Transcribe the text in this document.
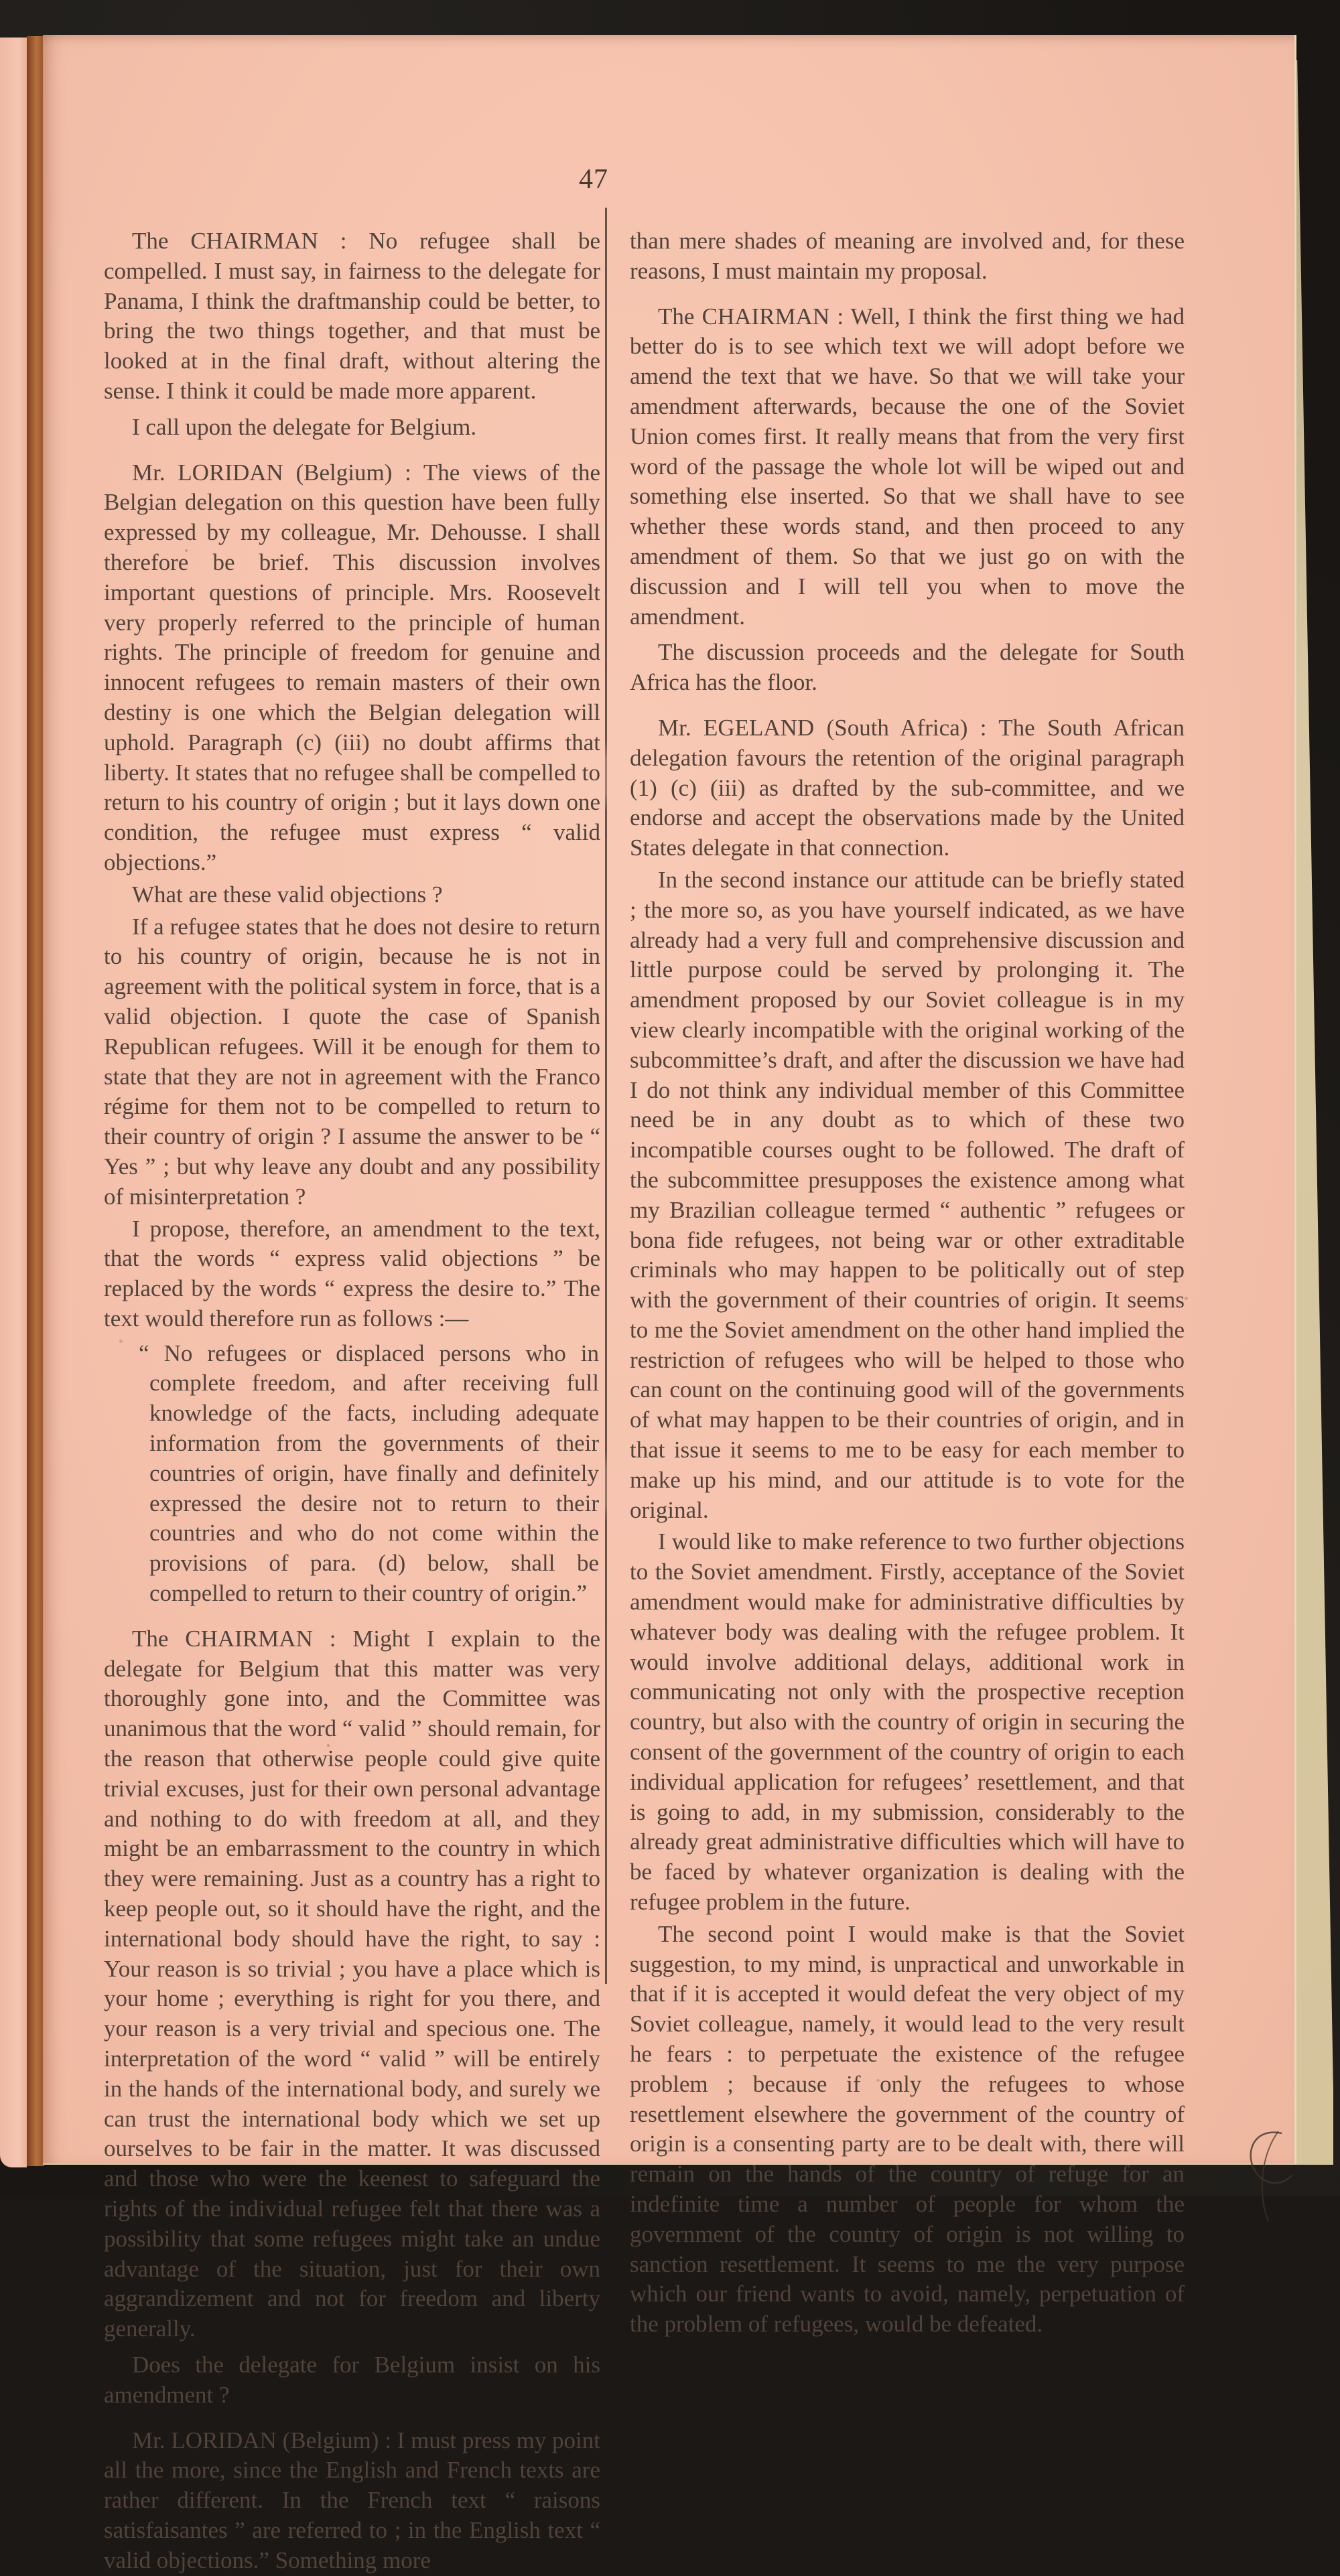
47

The CHAIRMAN : No refugee shall be compelled. I must say, in fairness to the delegate for Panama, I think the draftmanship could be better, to bring the two things together, and that must be looked at in the final draft, without altering the sense. I think it could be made more apparent.

I call upon the delegate for Belgium.

Mr. LORIDAN (Belgium) : The views of the Belgian delegation on this question have been fully expressed by my colleague, Mr. Dehousse. I shall therefore be brief. This discussion involves important questions of principle. Mrs. Roosevelt very properly referred to the principle of human rights. The principle of freedom for genuine and innocent refugees to remain masters of their own destiny is one which the Belgian delegation will uphold. Paragraph (c) (iii) no doubt affirms that liberty. It states that no refugee shall be compelled to return to his country of origin ; but it lays down one condition, the refugee must express “ valid objections.”

What are these valid objections ?

If a refugee states that he does not desire to return to his country of origin, because he is not in agreement with the political system in force, that is a valid objection. I quote the case of Spanish Republican refugees. Will it be enough for them to state that they are not in agreement with the Franco régime for them not to be compelled to return to their country of origin ? I assume the answer to be “ Yes ” ; but why leave any doubt and any possibility of misinterpretation ?

I propose, therefore, an amendment to the text, that the words “ express valid objections ” be replaced by the words “ express the desire to.” The text would therefore run as follows :—

“ No refugees or displaced persons who in complete freedom, and after receiving full knowledge of the facts, including adequate information from the governments of their countries of origin, have finally and definitely expressed the desire not to return to their countries and who do not come within the provisions of para. (d) below, shall be compelled to return to their country of origin.”

The CHAIRMAN : Might I explain to the delegate for Belgium that this matter was very thoroughly gone into, and the Committee was unanimous that the word “ valid ” should remain, for the reason that otherwise people could give quite trivial excuses, just for their own personal advantage and nothing to do with freedom at all, and they might be an embarrassment to the country in which they were remaining. Just as a country has a right to keep people out, so it should have the right, and the international body should have the right, to say : Your reason is so trivial ; you have a place which is your home ; everything is right for you there, and your reason is a very trivial and specious one. The interpretation of the word “ valid ” will be entirely in the hands of the international body, and surely we can trust the international body which we set up ourselves to be fair in the matter. It was discussed and those who were the keenest to safeguard the rights of the individual refugee felt that there was a possibility that some refugees might take an undue advantage of the situation, just for their own aggrandizement and not for freedom and liberty generally.

Does the delegate for Belgium insist on his amendment ?

Mr. LORIDAN (Belgium) : I must press my point all the more, since the English and French texts are rather different. In the French text “ raisons satisfaisantes ” are referred to ; in the English text “ valid objections.” Something more

than mere shades of meaning are involved and, for these reasons, I must maintain my proposal.

The CHAIRMAN : Well, I think the first thing we had better do is to see which text we will adopt before we amend the text that we have. So that we will take your amendment afterwards, because the one of the Soviet Union comes first. It really means that from the very first word of the passage the whole lot will be wiped out and something else inserted. So that we shall have to see whether these words stand, and then proceed to any amendment of them. So that we just go on with the discussion and I will tell you when to move the amendment.

The discussion proceeds and the delegate for South Africa has the floor.

Mr. EGELAND (South Africa) : The South African delegation favours the retention of the original paragraph (1) (c) (iii) as drafted by the sub-committee, and we endorse and accept the observations made by the United States delegate in that connection.

In the second instance our attitude can be briefly stated ; the more so, as you have yourself indicated, as we have already had a very full and comprehensive discussion and little purpose could be served by prolonging it. The amendment proposed by our Soviet colleague is in my view clearly incompatible with the original working of the subcommittee’s draft, and after the discussion we have had I do not think any individual member of this Committee need be in any doubt as to which of these two incompatible courses ought to be followed. The draft of the subcommittee presupposes the existence among what my Brazilian colleague termed “ authentic ” refugees or bona fide refugees, not being war or other extraditable criminals who may happen to be politically out of step with the government of their countries of origin. It seems to me the Soviet amendment on the other hand implied the restriction of refugees who will be helped to those who can count on the continuing good will of the governments of what may happen to be their countries of origin, and in that issue it seems to me to be easy for each member to make up his mind, and our attitude is to vote for the original.

I would like to make reference to two further objections to the Soviet amendment. Firstly, acceptance of the Soviet amendment would make for administrative difficulties by whatever body was dealing with the refugee problem. It would involve additional delays, additional work in communicating not only with the prospective reception country, but also with the country of origin in securing the consent of the government of the country of origin to each individual application for refugees’ resettlement, and that is going to add, in my submission, considerably to the already great administrative difficulties which will have to be faced by whatever organization is dealing with the refugee problem in the future.

The second point I would make is that the Soviet suggestion, to my mind, is unpractical and unworkable in that if it is accepted it would defeat the very object of my Soviet colleague, namely, it would lead to the very result he fears : to perpetuate the existence of the refugee problem ; because if only the refugees to whose resettlement elsewhere the government of the country of origin is a consenting party are to be dealt with, there will remain on the hands of the country of refuge for an indefinite time a number of people for whom the government of the country of origin is not willing to sanction resettlement. It seems to me the very purpose which our friend wants to avoid, namely, perpetuation of the problem of refugees, would be defeated.
